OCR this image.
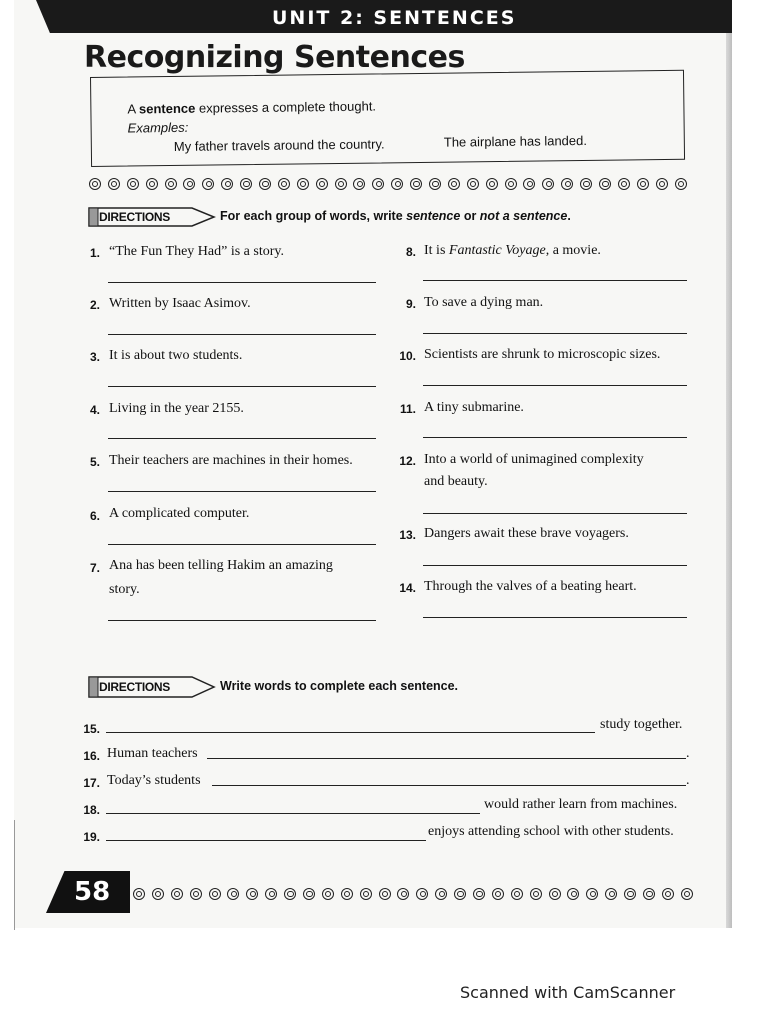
UNIT 2: SENTENCES
Recognizing Sentences
A sentence expresses a complete thought.
Examples:
My father travels around the country.	The airplane has landed.
DIRECTIONS	For each group of words, write sentence or not a sentence.
1. “The Fun They Had” is a story.
2. Written by Isaac Asimov.
3. It is about two students.
4. Living in the year 2155.
5. Their teachers are machines in their homes.
6. A complicated computer.
7. Ana has been telling Hakim an amazing
story.
8. It is Fantastic Voyage, a movie.
9. To save a dying man.
10. Scientists are shrunk to microscopic sizes.
11. A tiny submarine.
12. Into a world of unimagined complexity
and beauty.
13. Dangers await these brave voyagers.
14. Through the valves of a beating heart.
DIRECTIONS	Write words to complete each sentence.
15.	study together.
16. Human teachers	.
17. Today’s students	.
18.	would rather learn from machines.
19.	enjoys attending school with other students.
58
Scanned with CamScanner
